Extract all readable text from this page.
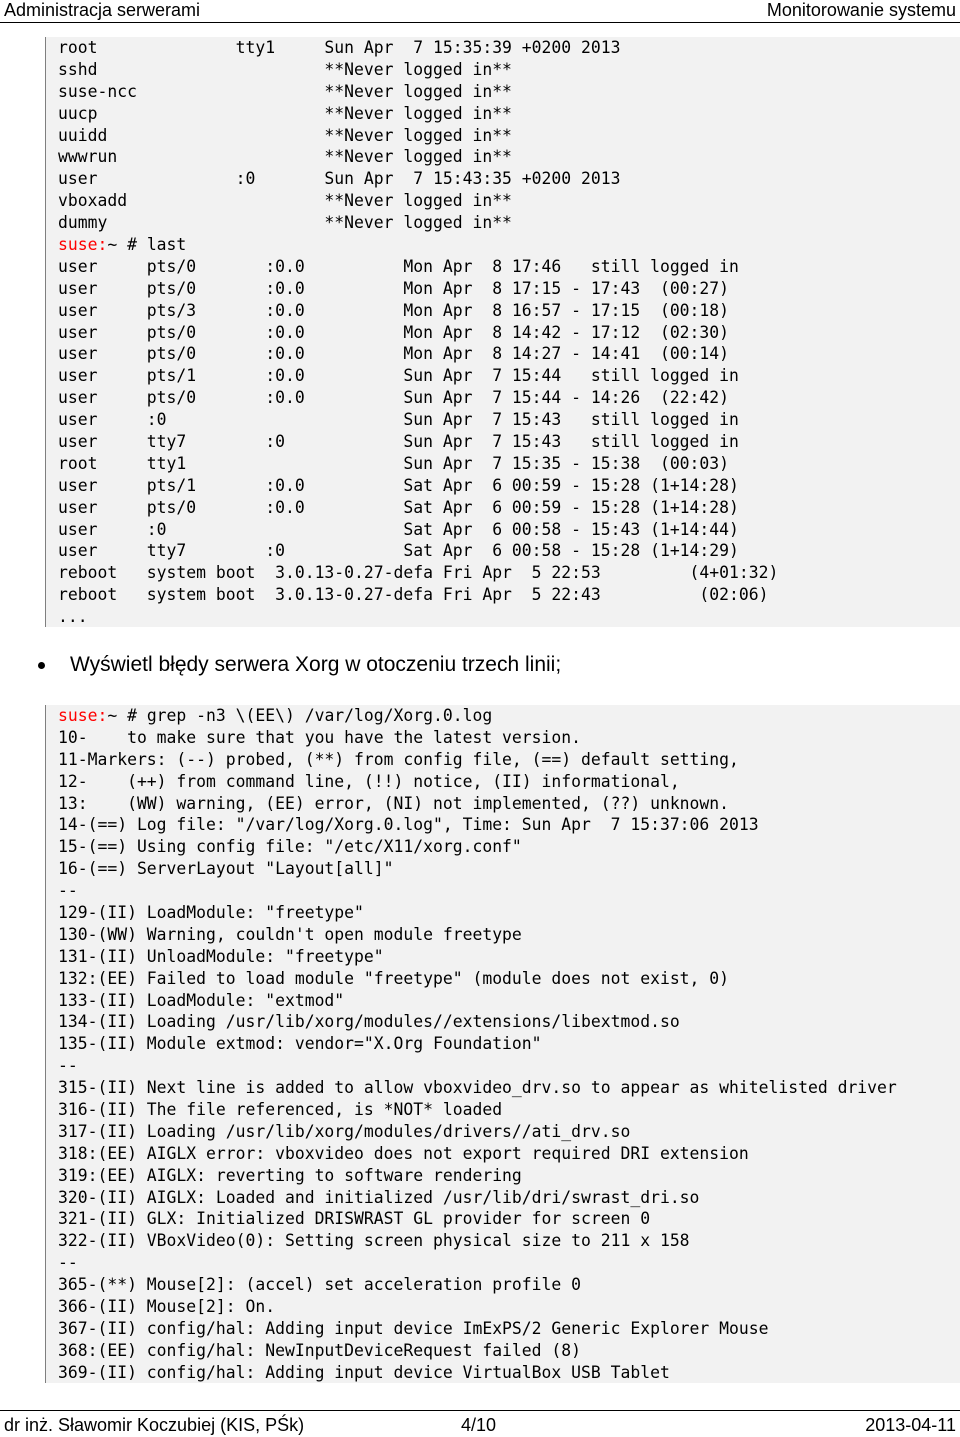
Administracja serwerami	Monitorowanie systemu
root              tty1     Sun Apr  7 15:35:39 +0200 2013
sshd                       **Never logged in**
suse-ncc                   **Never logged in**
uucp                       **Never logged in**
uuidd                      **Never logged in**
wwwrun                     **Never logged in**
user              :0       Sun Apr  7 15:43:35 +0200 2013
vboxadd                    **Never logged in**
dummy                      **Never logged in**
suse:~ # last
user     pts/0       :0.0          Mon Apr  8 17:46   still logged in
user     pts/0       :0.0          Mon Apr  8 17:15 - 17:43  (00:27)
user     pts/3       :0.0          Mon Apr  8 16:57 - 17:15  (00:18)
user     pts/0       :0.0          Mon Apr  8 14:42 - 17:12  (02:30)
user     pts/0       :0.0          Mon Apr  8 14:27 - 14:41  (00:14)
user     pts/1       :0.0          Sun Apr  7 15:44   still logged in
user     pts/0       :0.0          Sun Apr  7 15:44 - 14:26  (22:42)
user     :0                        Sun Apr  7 15:43   still logged in
user     tty7        :0            Sun Apr  7 15:43   still logged in
root     tty1                      Sun Apr  7 15:35 - 15:38  (00:03)
user     pts/1       :0.0          Sat Apr  6 00:59 - 15:28 (1+14:28)
user     pts/0       :0.0          Sat Apr  6 00:59 - 15:28 (1+14:28)
user     :0                        Sat Apr  6 00:58 - 15:43 (1+14:44)
user     tty7        :0            Sat Apr  6 00:58 - 15:28 (1+14:29)
reboot   system boot  3.0.13-0.27-defa Fri Apr  5 22:53         (4+01:32)
reboot   system boot  3.0.13-0.27-defa Fri Apr  5 22:43          (02:06)
...
Wyświetl błędy serwera Xorg w otoczeniu trzech linii;
suse:~ # grep -n3 \(EE\) /var/log/Xorg.0.log
10-    to make sure that you have the latest version.
11-Markers: (--) probed, (**) from config file, (==) default setting,
12-    (++) from command line, (!!) notice, (II) informational,
13:    (WW) warning, (EE) error, (NI) not implemented, (??) unknown.
14-(==) Log file: "/var/log/Xorg.0.log", Time: Sun Apr  7 15:37:06 2013
15-(==) Using config file: "/etc/X11/xorg.conf"
16-(==) ServerLayout "Layout[all]"
--
129-(II) LoadModule: "freetype"
130-(WW) Warning, couldn't open module freetype
131-(II) UnloadModule: "freetype"
132:(EE) Failed to load module "freetype" (module does not exist, 0)
133-(II) LoadModule: "extmod"
134-(II) Loading /usr/lib/xorg/modules//extensions/libextmod.so
135-(II) Module extmod: vendor="X.Org Foundation"
--
315-(II) Next line is added to allow vboxvideo_drv.so to appear as whitelisted driver
316-(II) The file referenced, is *NOT* loaded
317-(II) Loading /usr/lib/xorg/modules/drivers//ati_drv.so
318:(EE) AIGLX error: vboxvideo does not export required DRI extension
319:(EE) AIGLX: reverting to software rendering
320-(II) AIGLX: Loaded and initialized /usr/lib/dri/swrast_dri.so
321-(II) GLX: Initialized DRISWRAST GL provider for screen 0
322-(II) VBoxVideo(0): Setting screen physical size to 211 x 158
--
365-(**) Mouse[2]: (accel) set acceleration profile 0
366-(II) Mouse[2]: On.
367-(II) config/hal: Adding input device ImExPS/2 Generic Explorer Mouse
368:(EE) config/hal: NewInputDeviceRequest failed (8)
369-(II) config/hal: Adding input device VirtualBox USB Tablet
dr inż. Sławomir Koczubiej (KIS, PŚk)	4/10	2013-04-11
